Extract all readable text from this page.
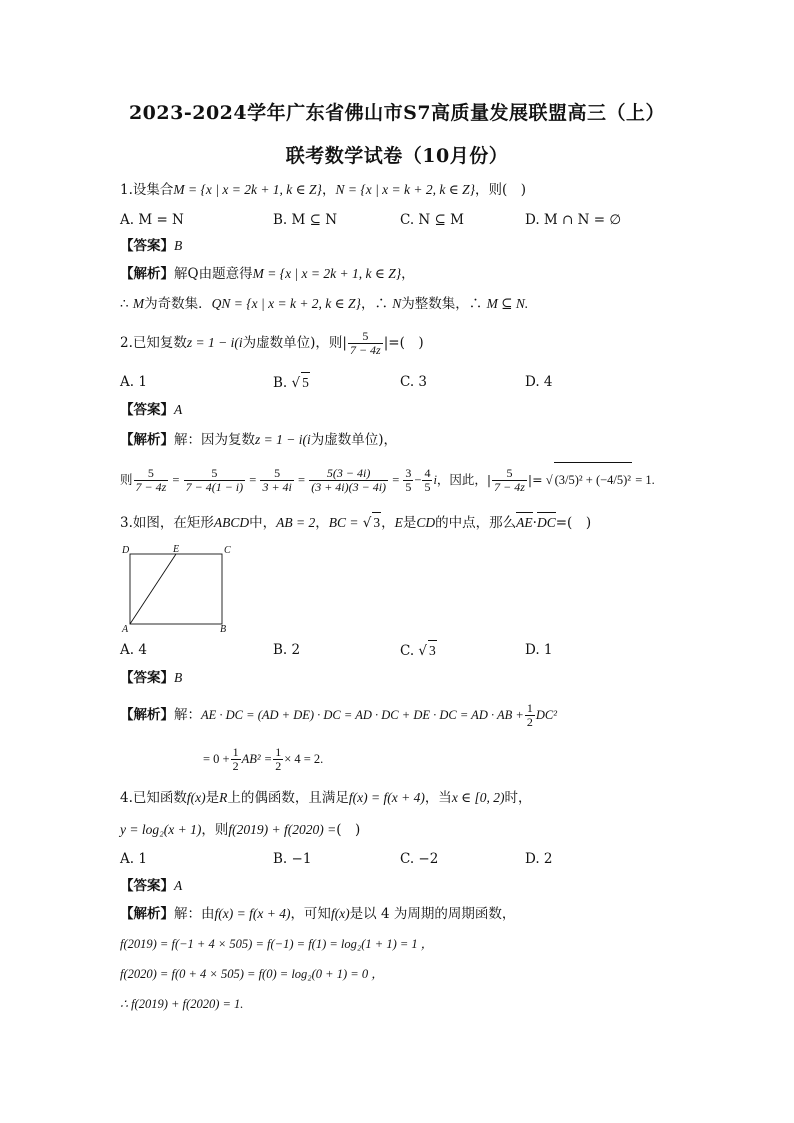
2023-2024学年广东省佛山市S7高质量发展联盟高三（上）
联考数学试卷（10月份）
1.设集合M = {x | x = 2k + 1, k ∈ Z}，N = {x | x = k + 2, k ∈ Z}，则(　)
A. M = N	B. M ⊆ N	C. N ⊆ M	D. M ∩ N = ∅
【答案】B
【解析】解Q由题意得M = {x | x = 2k + 1, k ∈ Z}，
∴ M为奇数集．QN = {x | x = k + 2, k ∈ Z}，∴ N为整数集，∴ M ⊆ N.
2.已知复数z = 1 − i(i为虚数单位)，则| $\frac{5}{7 - 4z}$ |=(　)
A. 1	B. √ 5	C. 3	D. 4
【答案】A
【解析】解：因为复数z = 1 − i(i为虚数单位)，
则 $\frac{5}{7 - 4z} = \frac{5}{7 - 4(1 - i)} = \frac{5}{3 + 4i} = \frac{5(3 - 4i)}{(3 + 4i)(3 - 4i)} = \frac{3}{5} - \frac{4}{5}$ i，因此，| $\frac{5}{7 - 4z}$ |= √ (3/5)² + (−4/5)² = 1.
3.如图，在矩形ABCD中，AB = 2，BC = √ 3，E是CD的中点，那么AE·DC=(　)
D	E	C
A	B
A. 4	B. 2	C. √ 3	D. 1
【答案】B
【解析】解：AE · DC = (AD + DE) · DC = AD · DC + DE · DC = AD · AB + $\frac{1}{2} DC^2$
= $0 + \frac{1}{2} AB^2 = \frac{1}{2} \times 4 = 2$.
4.已知函数f(x)是R上的偶函数，且满足f(x) = f(x + 4)，当x ∈ [0, 2)时，
y = log₂(x + 1)，则f(2019) + f(2020) =(　)
A. 1	B. −1	C. −2	D. 2
【答案】A
【解析】解：由f(x) = f(x + 4)，可知f(x)是以 4 为周期的周期函数，
f(2019) = f(−1 + 4 × 505) = f(−1) = f(1) = log₂(1 + 1) = 1 ，
f(2020) = f(0 + 4 × 505) = f(0) = log₂(0 + 1) = 0 ，
∴ f(2019) + f(2020) = 1.
